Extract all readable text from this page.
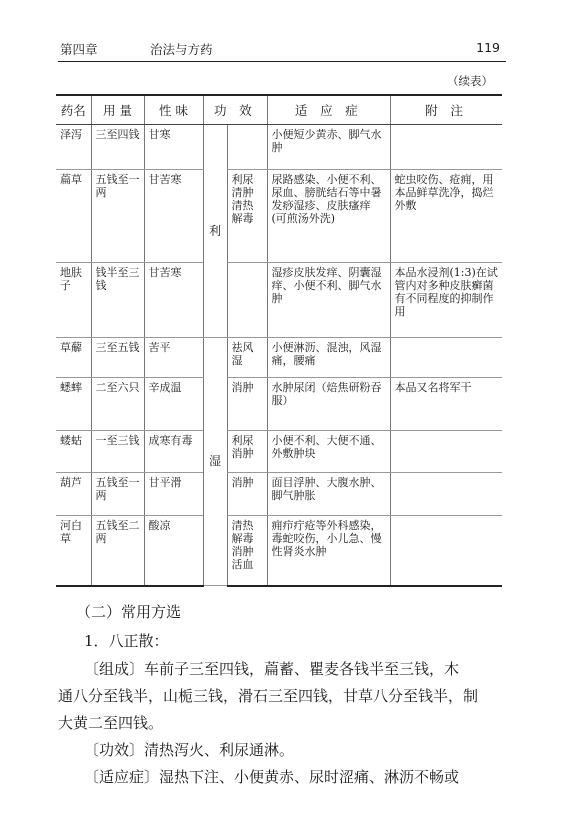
第四章	治法与方药	119
（续表）
药名	用 量	性 味	功 效		适 应 症	附 注
泽泻	三至四钱	甘寒	利		小便短少黄赤、脚气水肿	
萹草	五钱至一两	甘苦寒		利尿清肿清热解毒	尿路感染、小便不利、尿血、膀胱结石等中暑发痧湿疹、皮肤瘙痒(可煎汤外洗)	蛇虫咬伤、疮痈，用本品鲜草洗净，捣烂外敷
地肤子	钱半至三钱	甘苦寒			湿疹皮肤发痒、阴囊湿痒、小便不利、脚气水肿	本品水浸剂(1:3)在试管内对多种皮肤癣菌有不同程度的抑制作用
草薢	三至五钱	苦平	湿	祛风湿	小便淋沥、混浊，风湿痛，腰痛	
蟋蟀	二至六只	辛成温		消肿	水肿尿闭（焙焦研粉吞服）	本品又名将军干
蝼蛄	一至三钱	成寒有毒		利尿消肿	小便不利、大便不通、外敷肿块	
葫芦	五钱至一两	甘平滑		消肿	面目浮肿、大腹水肿、脚气肿胀	
河白草	五钱至二两	酸凉		清热解毒消肿活血	痈疖疔疮等外科感染，毒蛇咬伤，小儿急、慢性肾炎水肿	
（二）常用方选
1．八正散：
〔组成〕车前子三至四钱，萹蓄、瞿麦各钱半至三钱，木
通八分至钱半，山栀三钱，滑石三至四钱，甘草八分至钱半，制
大黄二至四钱。
〔功效〕清热泻火、利尿通淋。
〔适应症〕湿热下注、小便黄赤、尿时涩痛、淋沥不畅或
